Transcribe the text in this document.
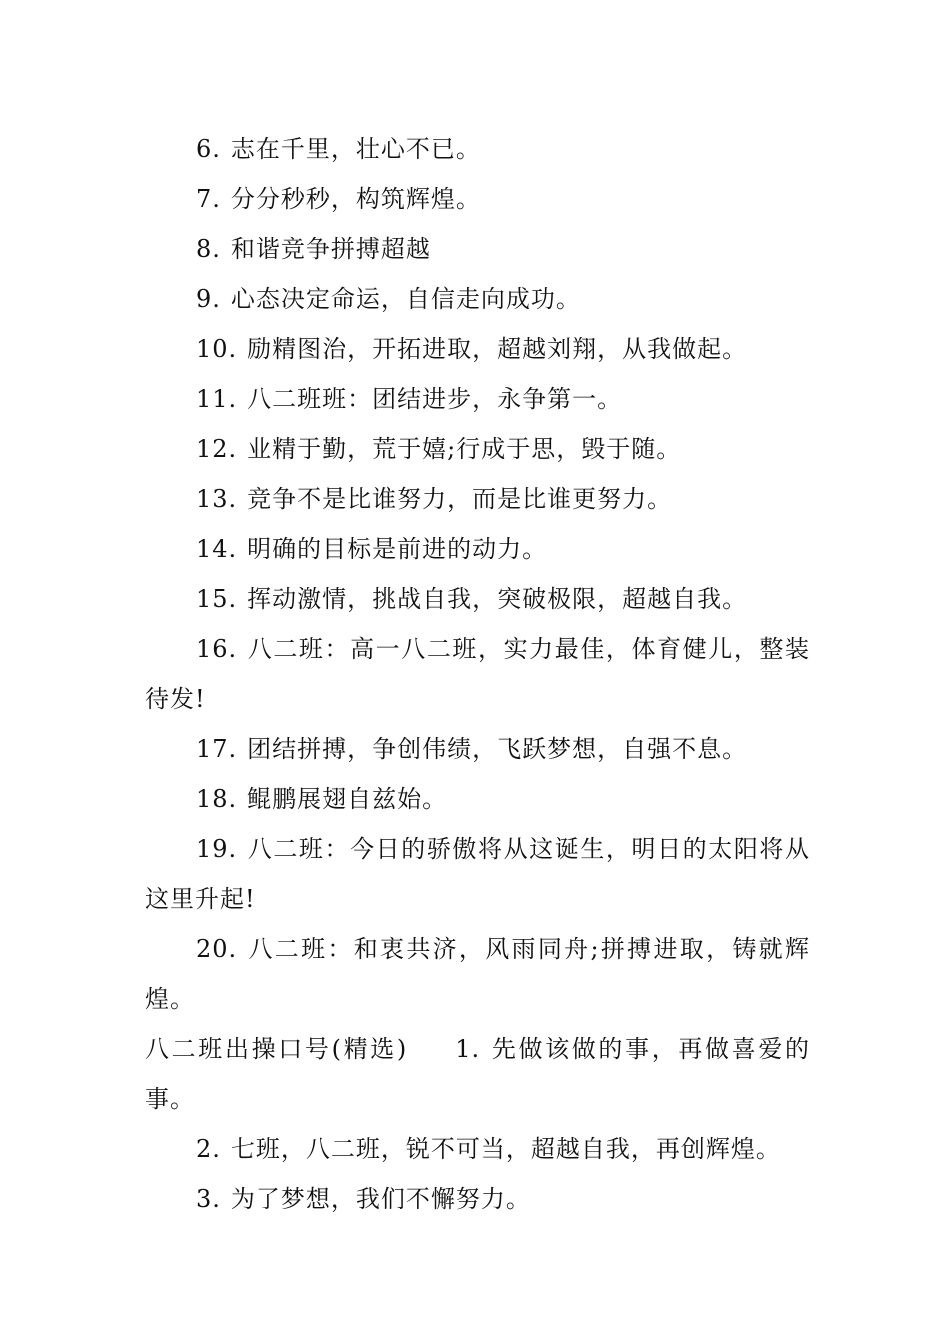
6. 志在千里，壮心不已。

7. 分分秒秒，构筑辉煌。

8. 和谐竞争拼搏超越

9. 心态决定命运，自信走向成功。

10. 励精图治，开拓进取，超越刘翔，从我做起。

11. 八二班班：团结进步，永争第一。

12. 业精于勤，荒于嬉;行成于思，毁于随。

13. 竞争不是比谁努力，而是比谁更努力。

14. 明确的目标是前进的动力。

15. 挥动激情，挑战自我，突破极限，超越自我。

16. 八二班：高一八二班，实力最佳，体育健儿，整装待发!

17. 团结拼搏，争创伟绩，飞跃梦想，自强不息。

18. 鲲鹏展翅自兹始。

19. 八二班：今日的骄傲将从这诞生，明日的太阳将从这里升起!

20. 八二班：和衷共济，风雨同舟;拼搏进取，铸就辉煌。

八二班出操口号(精选) 1. 先做该做的事，再做喜爱的事。

2. 七班，八二班，锐不可当，超越自我，再创辉煌。

3. 为了梦想，我们不懈努力。
